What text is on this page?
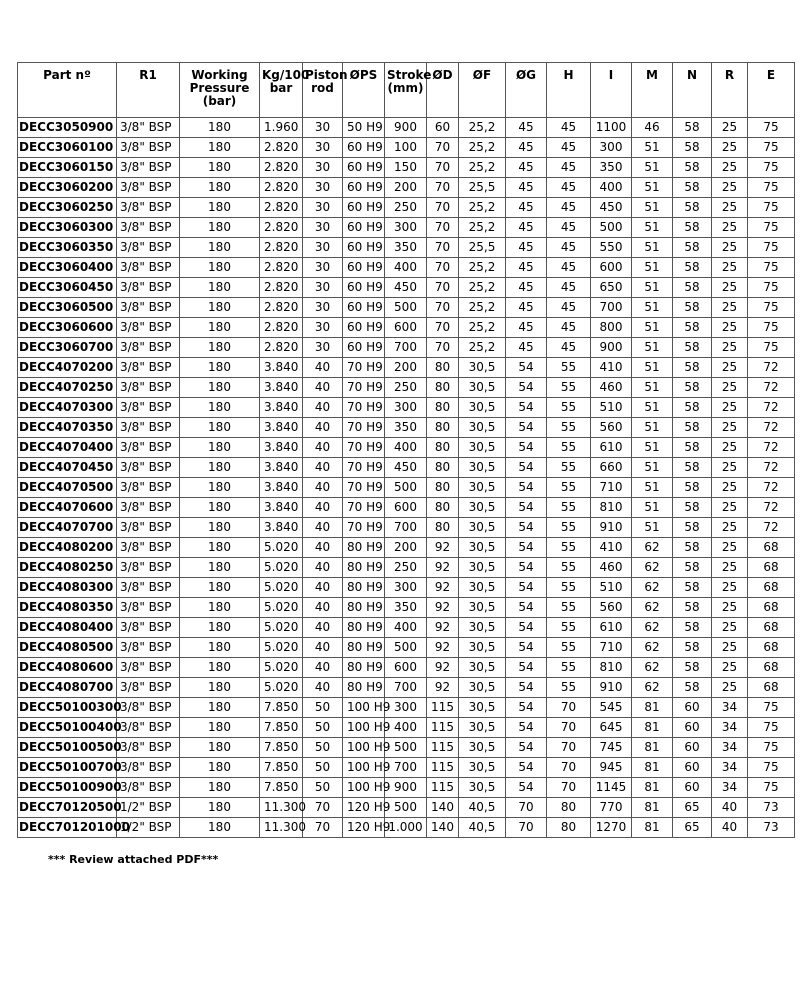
Part nº	R1	Working Pressure (bar)	Kg/100 bar	Piston rod	ØPS	Stroke (mm)	ØD	ØF	ØG	H	I	M	N	R	E
DECC3050900	3/8" BSP	180	1.960	30	50 H9	900	60	25,2	45	45	1100	46	58	25	75
DECC3060100	3/8" BSP	180	2.820	30	60 H9	100	70	25,2	45	45	300	51	58	25	75
DECC3060150	3/8" BSP	180	2.820	30	60 H9	150	70	25,2	45	45	350	51	58	25	75
DECC3060200	3/8" BSP	180	2.820	30	60 H9	200	70	25,5	45	45	400	51	58	25	75
DECC3060250	3/8" BSP	180	2.820	30	60 H9	250	70	25,2	45	45	450	51	58	25	75
DECC3060300	3/8" BSP	180	2.820	30	60 H9	300	70	25,2	45	45	500	51	58	25	75
DECC3060350	3/8" BSP	180	2.820	30	60 H9	350	70	25,5	45	45	550	51	58	25	75
DECC3060400	3/8" BSP	180	2.820	30	60 H9	400	70	25,2	45	45	600	51	58	25	75
DECC3060450	3/8" BSP	180	2.820	30	60 H9	450	70	25,2	45	45	650	51	58	25	75
DECC3060500	3/8" BSP	180	2.820	30	60 H9	500	70	25,2	45	45	700	51	58	25	75
DECC3060600	3/8" BSP	180	2.820	30	60 H9	600	70	25,2	45	45	800	51	58	25	75
DECC3060700	3/8" BSP	180	2.820	30	60 H9	700	70	25,2	45	45	900	51	58	25	75
DECC4070200	3/8" BSP	180	3.840	40	70 H9	200	80	30,5	54	55	410	51	58	25	72
DECC4070250	3/8" BSP	180	3.840	40	70 H9	250	80	30,5	54	55	460	51	58	25	72
DECC4070300	3/8" BSP	180	3.840	40	70 H9	300	80	30,5	54	55	510	51	58	25	72
DECC4070350	3/8" BSP	180	3.840	40	70 H9	350	80	30,5	54	55	560	51	58	25	72
DECC4070400	3/8" BSP	180	3.840	40	70 H9	400	80	30,5	54	55	610	51	58	25	72
DECC4070450	3/8" BSP	180	3.840	40	70 H9	450	80	30,5	54	55	660	51	58	25	72
DECC4070500	3/8" BSP	180	3.840	40	70 H9	500	80	30,5	54	55	710	51	58	25	72
DECC4070600	3/8" BSP	180	3.840	40	70 H9	600	80	30,5	54	55	810	51	58	25	72
DECC4070700	3/8" BSP	180	3.840	40	70 H9	700	80	30,5	54	55	910	51	58	25	72
DECC4080200	3/8" BSP	180	5.020	40	80 H9	200	92	30,5	54	55	410	62	58	25	68
DECC4080250	3/8" BSP	180	5.020	40	80 H9	250	92	30,5	54	55	460	62	58	25	68
DECC4080300	3/8" BSP	180	5.020	40	80 H9	300	92	30,5	54	55	510	62	58	25	68
DECC4080350	3/8" BSP	180	5.020	40	80 H9	350	92	30,5	54	55	560	62	58	25	68
DECC4080400	3/8" BSP	180	5.020	40	80 H9	400	92	30,5	54	55	610	62	58	25	68
DECC4080500	3/8" BSP	180	5.020	40	80 H9	500	92	30,5	54	55	710	62	58	25	68
DECC4080600	3/8" BSP	180	5.020	40	80 H9	600	92	30,5	54	55	810	62	58	25	68
DECC4080700	3/8" BSP	180	5.020	40	80 H9	700	92	30,5	54	55	910	62	58	25	68
DECC50100300	3/8" BSP	180	7.850	50	100 H9	300	115	30,5	54	70	545	81	60	34	75
DECC50100400	3/8" BSP	180	7.850	50	100 H9	400	115	30,5	54	70	645	81	60	34	75
DECC50100500	3/8" BSP	180	7.850	50	100 H9	500	115	30,5	54	70	745	81	60	34	75
DECC50100700	3/8" BSP	180	7.850	50	100 H9	700	115	30,5	54	70	945	81	60	34	75
DECC50100900	3/8" BSP	180	7.850	50	100 H9	900	115	30,5	54	70	1145	81	60	34	75
DECC70120500	1/2" BSP	180	11.300	70	120 H9	500	140	40,5	70	80	770	81	65	40	73
DECC701201000	1/2" BSP	180	11.300	70	120 H9	1.000	140	40,5	70	80	1270	81	65	40	73
*** Review attached PDF***
